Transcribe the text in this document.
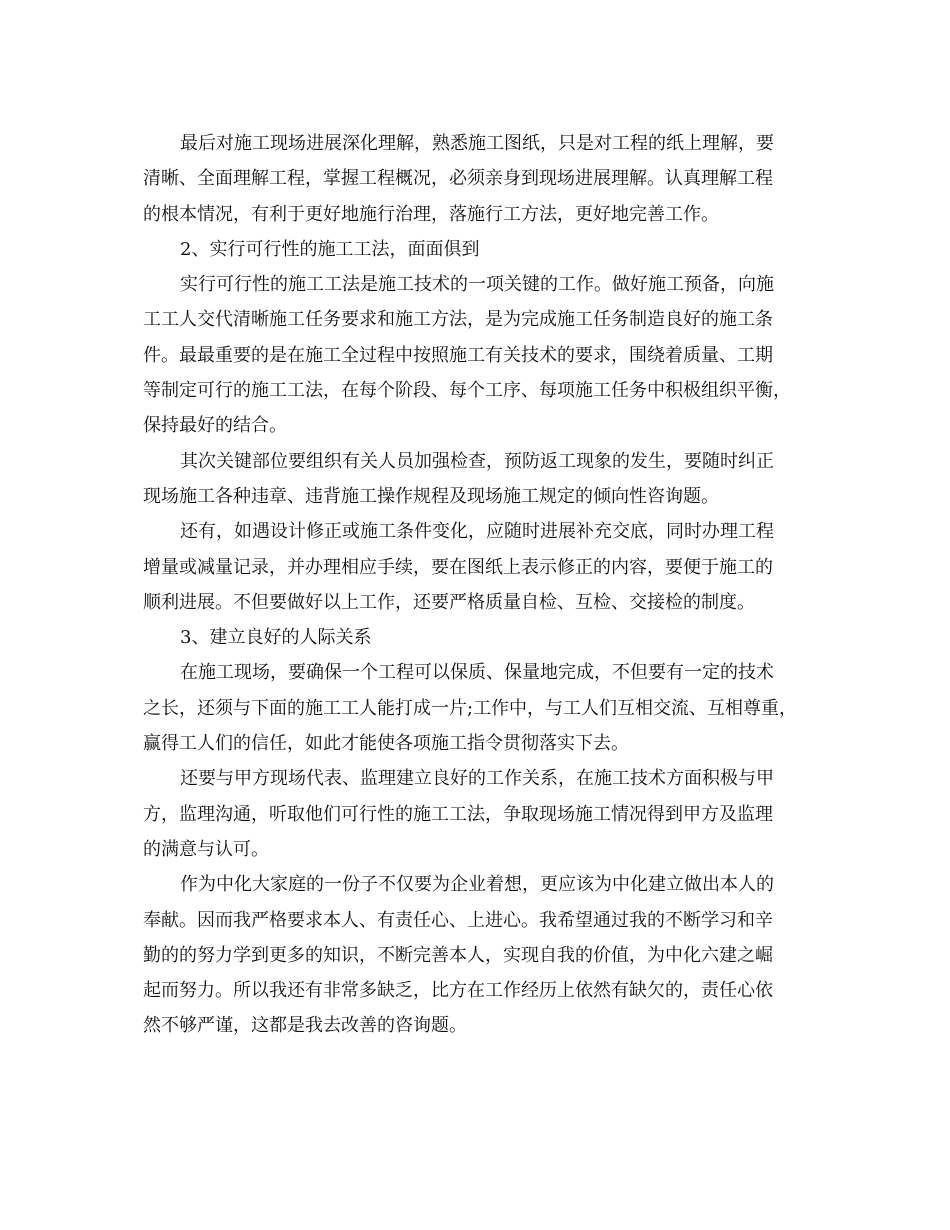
最后对施工现场进展深化理解，熟悉施工图纸，只是对工程的纸上理解，要
清晰、全面理解工程，掌握工程概况，必须亲身到现场进展理解。认真理解工程
的根本情况，有利于更好地施行治理，落施行工方法，更好地完善工作。
2、实行可行性的施工工法，面面俱到
实行可行性的施工工法是施工技术的一项关键的工作。做好施工预备，向施
工工人交代清晰施工任务要求和施工方法，是为完成施工任务制造良好的施工条
件。最最重要的是在施工全过程中按照施工有关技术的要求，围绕着质量、工期
等制定可行的施工工法，在每个阶段、每个工序、每项施工任务中积极组织平衡，
保持最好的结合。
其次关键部位要组织有关人员加强检查，预防返工现象的发生，要随时纠正
现场施工各种违章、违背施工操作规程及现场施工规定的倾向性咨询题。
还有，如遇设计修正或施工条件变化，应随时进展补充交底，同时办理工程
增量或减量记录，并办理相应手续，要在图纸上表示修正的内容，要便于施工的
顺利进展。不但要做好以上工作，还要严格质量自检、互检、交接检的制度。
3、建立良好的人际关系
在施工现场，要确保一个工程可以保质、保量地完成，不但要有一定的技术
之长，还须与下面的施工工人能打成一片;工作中，与工人们互相交流、互相尊重，
赢得工人们的信任，如此才能使各项施工指令贯彻落实下去。
还要与甲方现场代表、监理建立良好的工作关系，在施工技术方面积极与甲
方，监理沟通，听取他们可行性的施工工法，争取现场施工情况得到甲方及监理
的满意与认可。
作为中化大家庭的一份子不仅要为企业着想，更应该为中化建立做出本人的
奉献。因而我严格要求本人、有责任心、上进心。我希望通过我的不断学习和辛
勤的的努力学到更多的知识，不断完善本人，实现自我的价值，为中化六建之崛
起而努力。所以我还有非常多缺乏，比方在工作经历上依然有缺欠的，责任心依
然不够严谨，这都是我去改善的咨询题。
